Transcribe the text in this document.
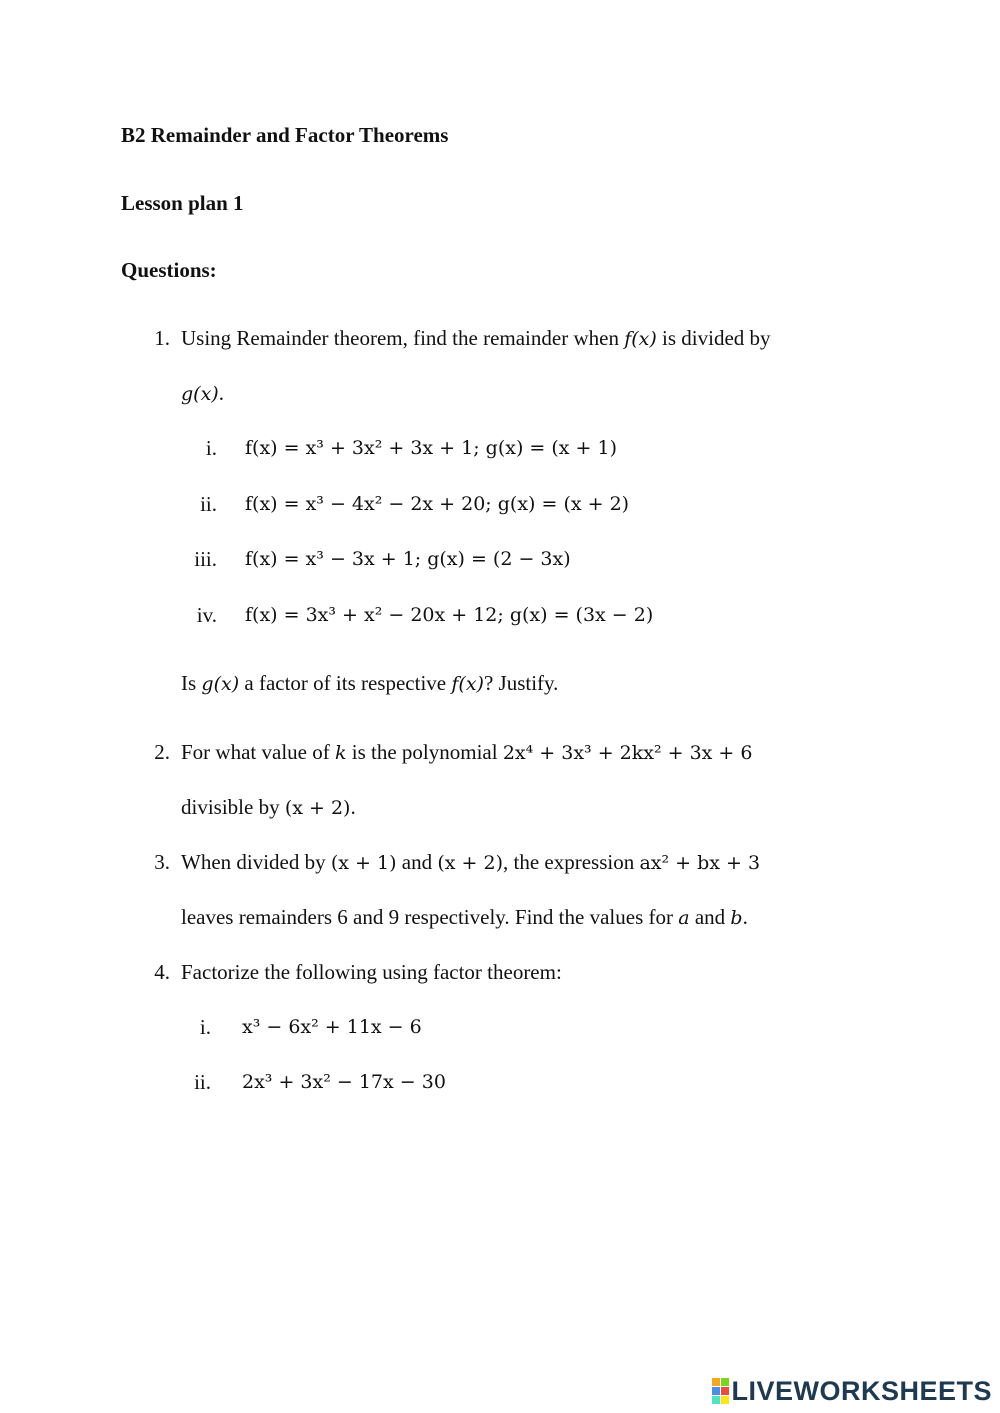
B2 Remainder and Factor Theorems
Lesson plan 1
Questions:
1. Using Remainder theorem, find the remainder when f(x) is divided by
g(x).
i. f(x) = x³ + 3x² + 3x + 1; g(x) = (x + 1)
ii. f(x) = x³ − 4x² − 2x + 20; g(x) = (x + 2)
iii. f(x) = x³ − 3x + 1; g(x) = (2 − 3x)
iv. f(x) = 3x³ + x² − 20x + 12; g(x) = (3x − 2)
Is g(x) a factor of its respective f(x)? Justify.
2. For what value of k is the polynomial 2x⁴ + 3x³ + 2kx² + 3x + 6
divisible by (x + 2).
3. When divided by (x + 1) and (x + 2), the expression ax² + bx + 3
leaves remainders 6 and 9 respectively. Find the values for a and b.
4. Factorize the following using factor theorem:
i. x³ − 6x² + 11x − 6
ii. 2x³ + 3x² − 17x − 30
LIVEWORKSHEETS
